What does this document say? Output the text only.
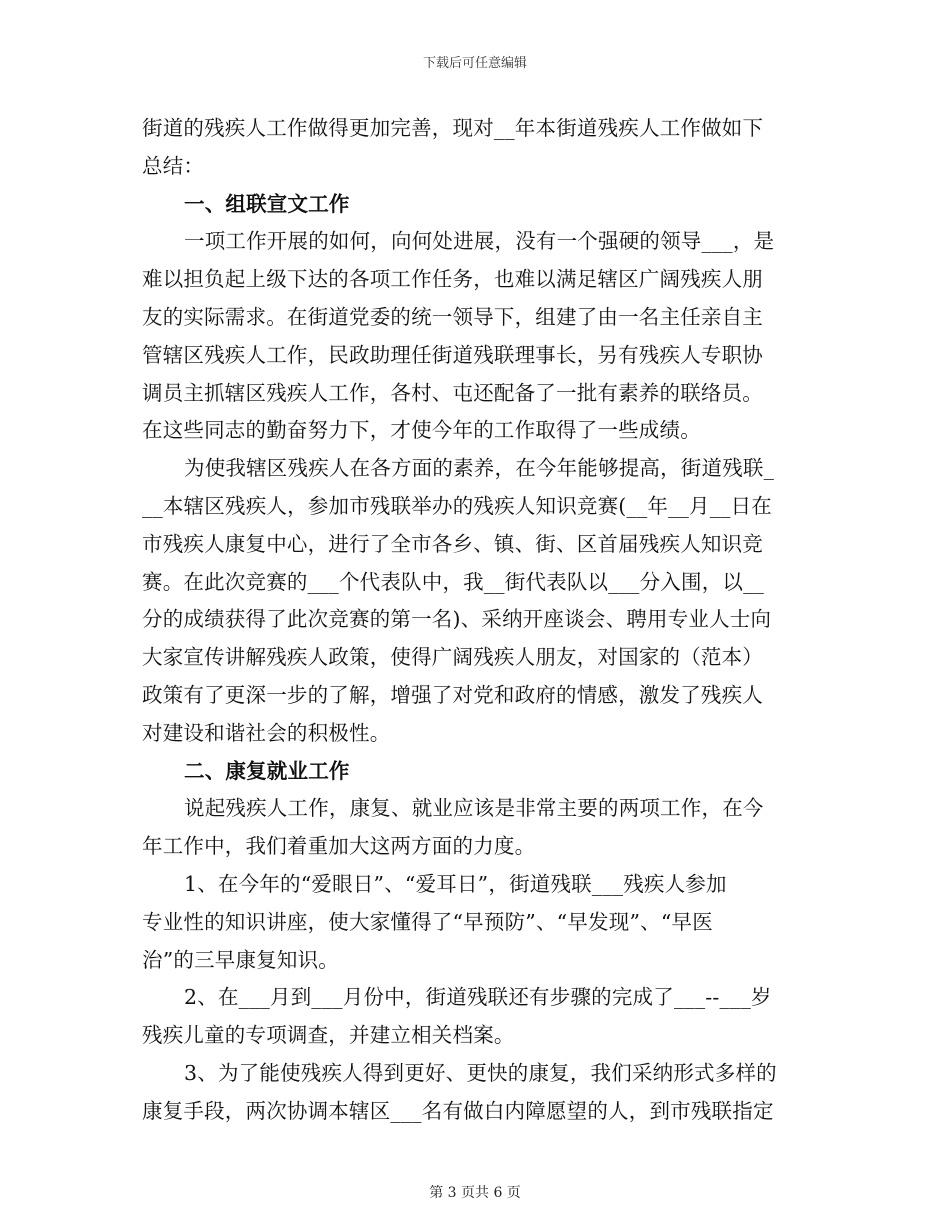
下载后可任意编辑
街道的残疾人工作做得更加完善，现对__年本街道残疾人工作做如下
总结：
一、组联宣文工作
一项工作开展的如何，向何处进展，没有一个强硬的领导___，是
难以担负起上级下达的各项工作任务，也难以满足辖区广阔残疾人朋
友的实际需求。在街道党委的统一领导下，组建了由一名主任亲自主
管辖区残疾人工作，民政助理任街道残联理事长，另有残疾人专职协
调员主抓辖区残疾人工作，各村、屯还配备了一批有素养的联络员。
在这些同志的勤奋努力下，才使今年的工作取得了一些成绩。
为使我辖区残疾人在各方面的素养，在今年能够提高，街道残联_
__本辖区残疾人，参加市残联举办的残疾人知识竞赛(__年__月__日在
市残疾人康复中心，进行了全市各乡、镇、街、区首届残疾人知识竞
赛。在此次竞赛的___个代表队中，我__街代表队以___分入围，以__
分的成绩获得了此次竞赛的第一名)、采纳开座谈会、聘用专业人士向
大家宣传讲解残疾人政策，使得广阔残疾人朋友，对国家的（范本）
政策有了更深一步的了解，增强了对党和政府的情感，激发了残疾人
对建设和谐社会的积极性。
二、康复就业工作
说起残疾人工作，康复、就业应该是非常主要的两项工作，在今
年工作中，我们着重加大这两方面的力度。
1、在今年的“爱眼日”、“爱耳日”，街道残联___残疾人参加
专业性的知识讲座，使大家懂得了“早预防”、“早发现”、“早医
治”的三早康复知识。
2、在___月到___月份中，街道残联还有步骤的完成了___--___岁
残疾儿童的专项调查，并建立相关档案。
3、为了能使残疾人得到更好、更快的康复，我们采纳形式多样的
康复手段，两次协调本辖区___名有做白内障愿望的人，到市残联指定
第 3 页共 6 页
